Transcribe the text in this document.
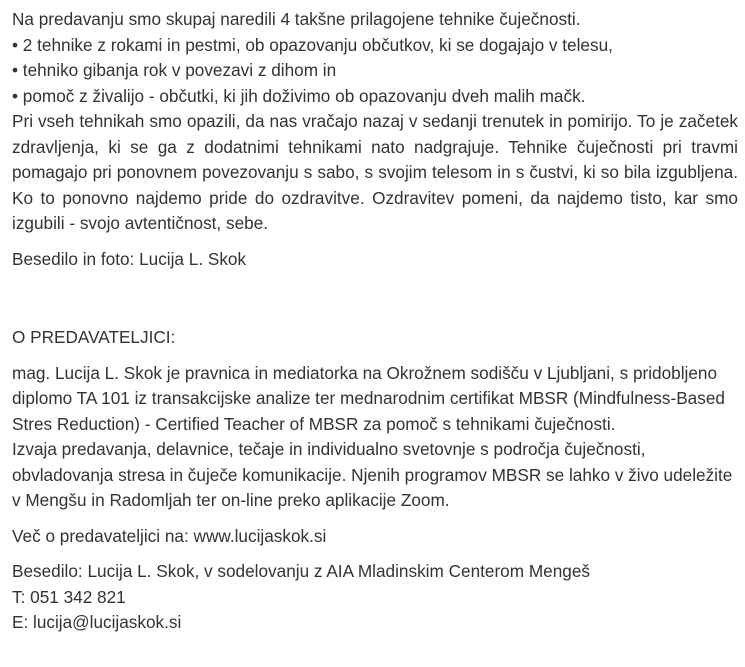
Na predavanju smo skupaj naredili 4 takšne prilagojene tehnike čuječnosti.
• 2 tehnike z rokami in pestmi, ob opazovanju občutkov, ki se dogajajo v telesu,
• tehniko gibanja rok v povezavi z dihom in
• pomoč z živalijo - občutki, ki jih doživimo ob opazovanju dveh malih mačk.
Pri vseh tehnikah smo opazili, da nas vračajo nazaj v sedanji trenutek in pomirijo. To je začetek zdravljenja, ki se ga z dodatnimi tehnikami nato nadgrajuje. Tehnike čuječnosti pri travmi pomagajo pri ponovnem povezovanju s sabo, s svojim telesom in s čustvi, ki so bila izgubljena. Ko to ponovno najdemo pride do ozdravitve. Ozdravitev pomeni, da najdemo tisto, kar smo izgubili - svojo avtentičnost, sebe.

Besedilo in foto: Lucija L. Skok

O PREDAVATELJICI:

mag. Lucija L. Skok je pravnica in mediatorka na Okrožnem sodišču v Ljubljani, s pridobljeno diplomo TA 101 iz transakcijske analize ter mednarodnim certifikat MBSR (Mindfulness-Based Stres Reduction) - Certified Teacher of MBSR za pomoč s tehnikami čuječnosti.
Izvaja predavanja, delavnice, tečaje in individualno svetovnje s področja čuječnosti, obvladovanja stresa in čuječe komunikacije. Njenih programov MBSR se lahko v živo udeležite v Mengšu in Radomljah ter on-line preko aplikacije Zoom.

Več o predavateljici na: www.lucijaskok.si

Besedilo: Lucija L. Skok, v sodelovanju z AIA Mladinskim Centerom Mengeš
T: 051 342 821
E: lucija@lucijaskok.si
